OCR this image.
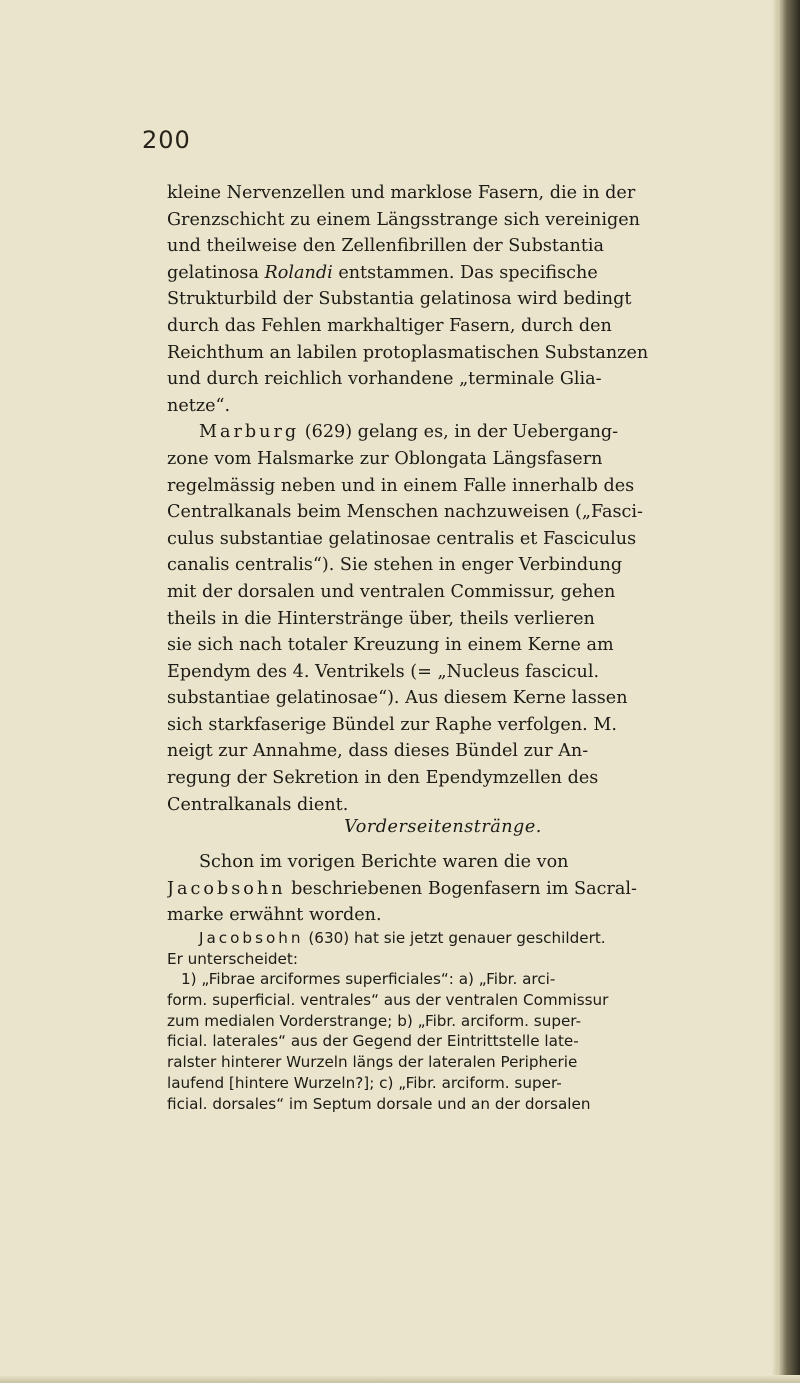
200
kleine Nervenzellen und marklose Fasern, die in der
Grenzschicht zu einem Längsstrange sich vereinigen
und theilweise den Zellenfibrillen der Substantia
gelatinosa Rolandi entstammen. Das specifische
Strukturbild der Substantia gelatinosa wird bedingt
durch das Fehlen markhaltiger Fasern, durch den
Reichthum an labilen protoplasmatischen Substanzen
und durch reichlich vorhandene „terminale Glia-
netze“.
Marburg (629) gelang es, in der Uebergang-
zone vom Halsmarke zur Oblongata Längsfasern
regelmässig neben und in einem Falle innerhalb des
Centralkanals beim Menschen nachzuweisen („Fasci-
culus substantiae gelatinosae centralis et Fasciculus
canalis centralis“). Sie stehen in enger Verbindung
mit der dorsalen und ventralen Commissur, gehen
theils in die Hinterstränge über, theils verlieren
sie sich nach totaler Kreuzung in einem Kerne am
Ependym des 4. Ventrikels (= „Nucleus fascicul.
substantiae gelatinosae“). Aus diesem Kerne lassen
sich starkfaserige Bündel zur Raphe verfolgen. M.
neigt zur Annahme, dass dieses Bündel zur An-
regung der Sekretion in den Ependymzellen des
Centralkanals dient.
Vorderseitenstränge.
Schon im vorigen Berichte waren die von
Jacobsohn beschriebenen Bogenfasern im Sacral-
marke erwähnt worden.
Jacobsohn (630) hat sie jetzt genauer geschildert.
Er unterscheidet:
1) „Fibrae arciformes superficiales“: a) „Fibr. arci-
form. superficial. ventrales“ aus der ventralen Commissur
zum medialen Vorderstrange; b) „Fibr. arciform. super-
ficial. laterales“ aus der Gegend der Eintrittstelle late-
ralster hinterer Wurzeln längs der lateralen Peripherie
laufend [hintere Wurzeln?]; c) „Fibr. arciform. super-
ficial. dorsales“ im Septum dorsale und an der dorsalen
